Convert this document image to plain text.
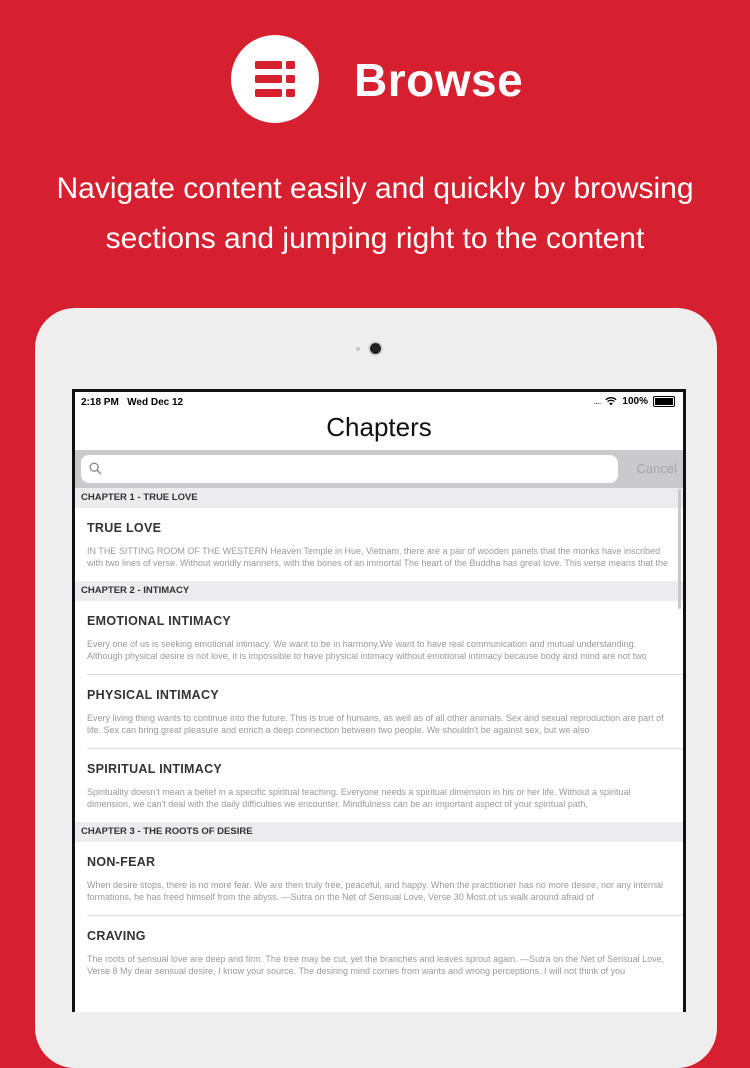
Browse
Navigate content easily and quickly by browsing
sections and jumping right to the content
2:18 PM Wed Dec 12	.... 100%
Chapters
Cancel
CHAPTER 1 - TRUE LOVE
TRUE LOVE
IN THE SITTING ROOM OF THE WESTERN Heaven Temple in Hue, Vietnam, there are a pair of wooden panels that the monks have inscribed with two lines of verse. Without worldly manners, with the bones of an immortal The heart of the Buddha has great love. This verse means that the
CHAPTER 2 - INTIMACY
EMOTIONAL INTIMACY
Every one of us is seeking emotional intimacy. We want to be in harmony.We want to have real communication and mutual understanding. Although physical desire is not love, it is impossible to have physical intimacy without emotional intimacy because body and mind are not two
PHYSICAL INTIMACY
Every living thing wants to continue into the future. This is true of humans, as well as of all other animals. Sex and sexual reproduction are part of life. Sex can bring great pleasure and enrich a deep connection between two people. We shouldn't be against sex, but we also
SPIRITUAL INTIMACY
Spirituality doesn't mean a belief in a specific spiritual teaching. Everyone needs a spiritual dimension in his or her life. Without a spiritual dimension, we can't deal with the daily difficulties we encounter. Mindfulness can be an important aspect of your spiritual path,
CHAPTER 3 - THE ROOTS OF DESIRE
NON-FEAR
When desire stops, there is no more fear. We are then truly free, peaceful, and happy. When the practitioner has no more desire, nor any internal formations, he has freed himself from the abyss. —Sutra on the Net of Sensual Love, Verse 30 Most of us walk around afraid of
CRAVING
The roots of sensual love are deep and firm. The tree may be cut, yet the branches and leaves sprout again. —Sutra on the Net of Sensual Love, Verse 8 My dear sensual desire, I know your source. The desiring mind comes from wants and wrong perceptions. I will not think of you
